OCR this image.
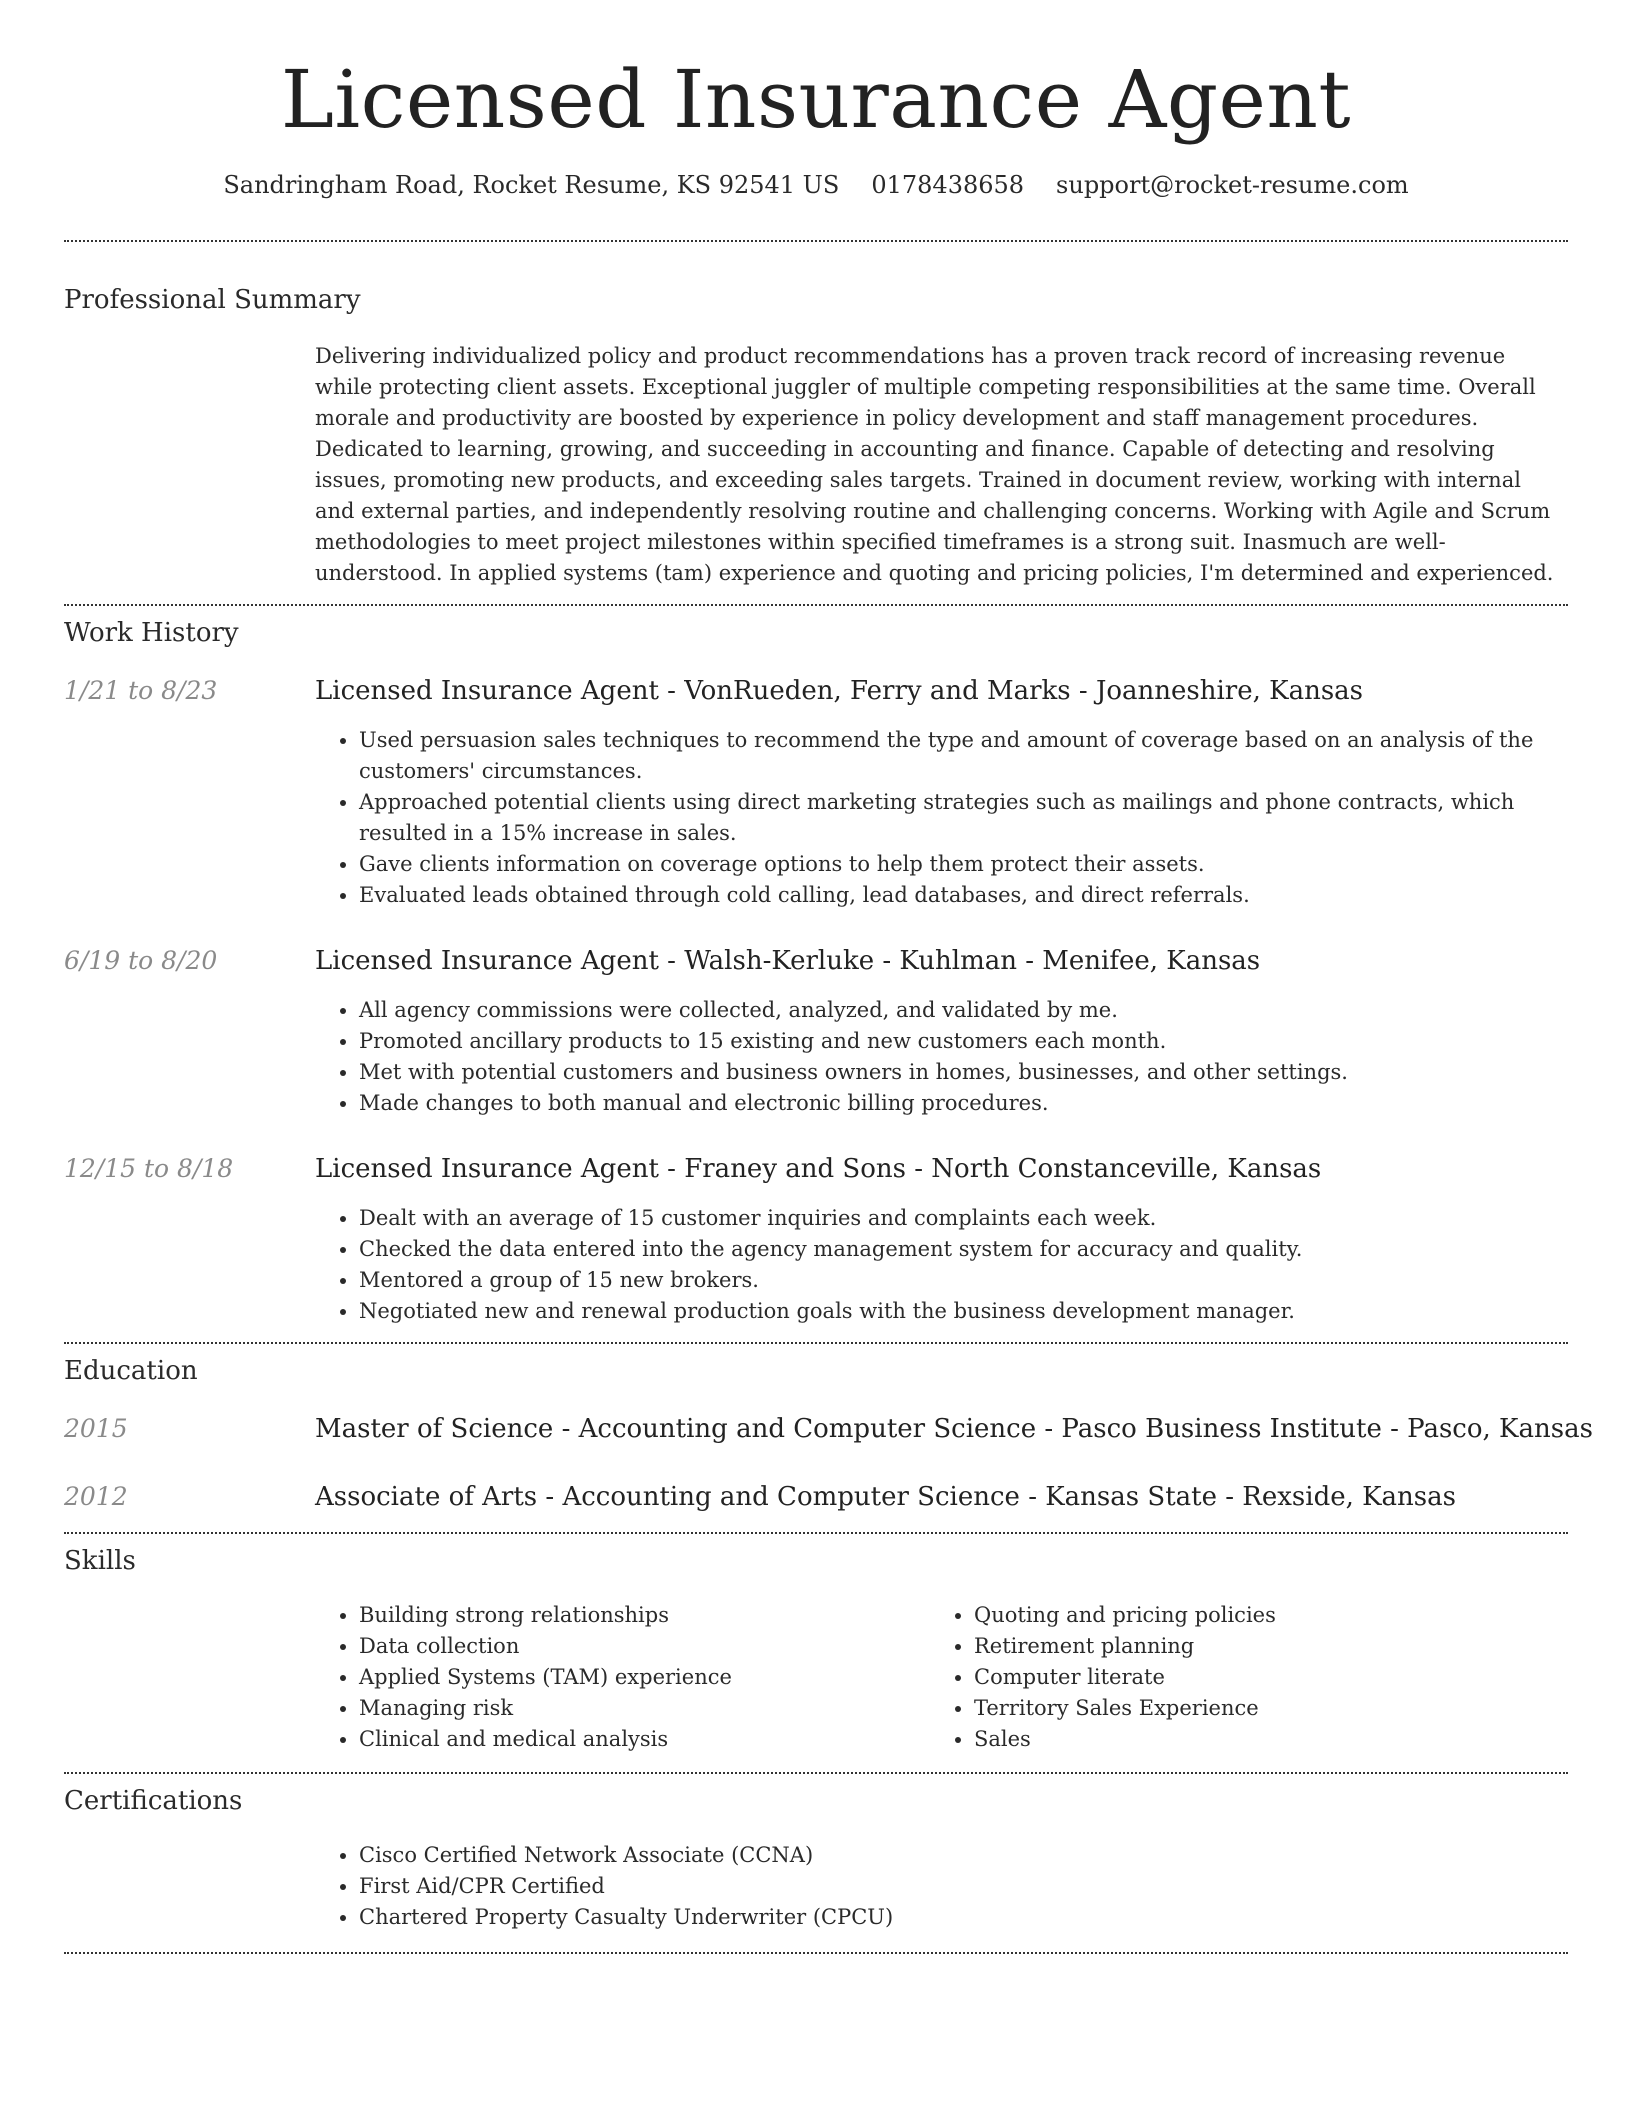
Licensed Insurance Agent
Sandringham Road, Rocket Resume, KS 92541 US 0178438658 support@rocket-resume.com
Professional Summary

Delivering individualized policy and product recommendations has a proven track record of increasing revenue while protecting client assets. Exceptional juggler of multiple competing responsibilities at the same time. Overall morale and productivity are boosted by experience in policy development and staff management procedures. Dedicated to learning, growing, and succeeding in accounting and finance. Capable of detecting and resolving issues, promoting new products, and exceeding sales targets. Trained in document review, working with internal and external parties, and independently resolving routine and challenging concerns. Working with Agile and Scrum methodologies to meet project milestones within specified timeframes is a strong suit. Inasmuch are well-understood. In applied systems (tam) experience and quoting and pricing policies, I'm determined and experienced.

Work History
1/21 to 8/23	Licensed Insurance Agent - VonRueden, Ferry and Marks - Joanneshire, Kansas
• Used persuasion sales techniques to recommend the type and amount of coverage based on an analysis of the customers' circumstances.
• Approached potential clients using direct marketing strategies such as mailings and phone contracts, which resulted in a 15% increase in sales.
• Gave clients information on coverage options to help them protect their assets.
• Evaluated leads obtained through cold calling, lead databases, and direct referrals.
6/19 to 8/20	Licensed Insurance Agent - Walsh-Kerluke - Kuhlman - Menifee, Kansas
• All agency commissions were collected, analyzed, and validated by me.
• Promoted ancillary products to 15 existing and new customers each month.
• Met with potential customers and business owners in homes, businesses, and other settings.
• Made changes to both manual and electronic billing procedures.
12/15 to 8/18	Licensed Insurance Agent - Franey and Sons - North Constanceville, Kansas
• Dealt with an average of 15 customer inquiries and complaints each week.
• Checked the data entered into the agency management system for accuracy and quality.
• Mentored a group of 15 new brokers.
• Negotiated new and renewal production goals with the business development manager.
Education
2015	Master of Science - Accounting and Computer Science - Pasco Business Institute - Pasco, Kansas
2012	Associate of Arts - Accounting and Computer Science - Kansas State - Rexside, Kansas
Skills
• Building strong relationships
• Data collection
• Applied Systems (TAM) experience
• Managing risk
• Clinical and medical analysis
• Quoting and pricing policies
• Retirement planning
• Computer literate
• Territory Sales Experience
• Sales
Certifications
• Cisco Certified Network Associate (CCNA)
• First Aid/CPR Certified
• Chartered Property Casualty Underwriter (CPCU)
